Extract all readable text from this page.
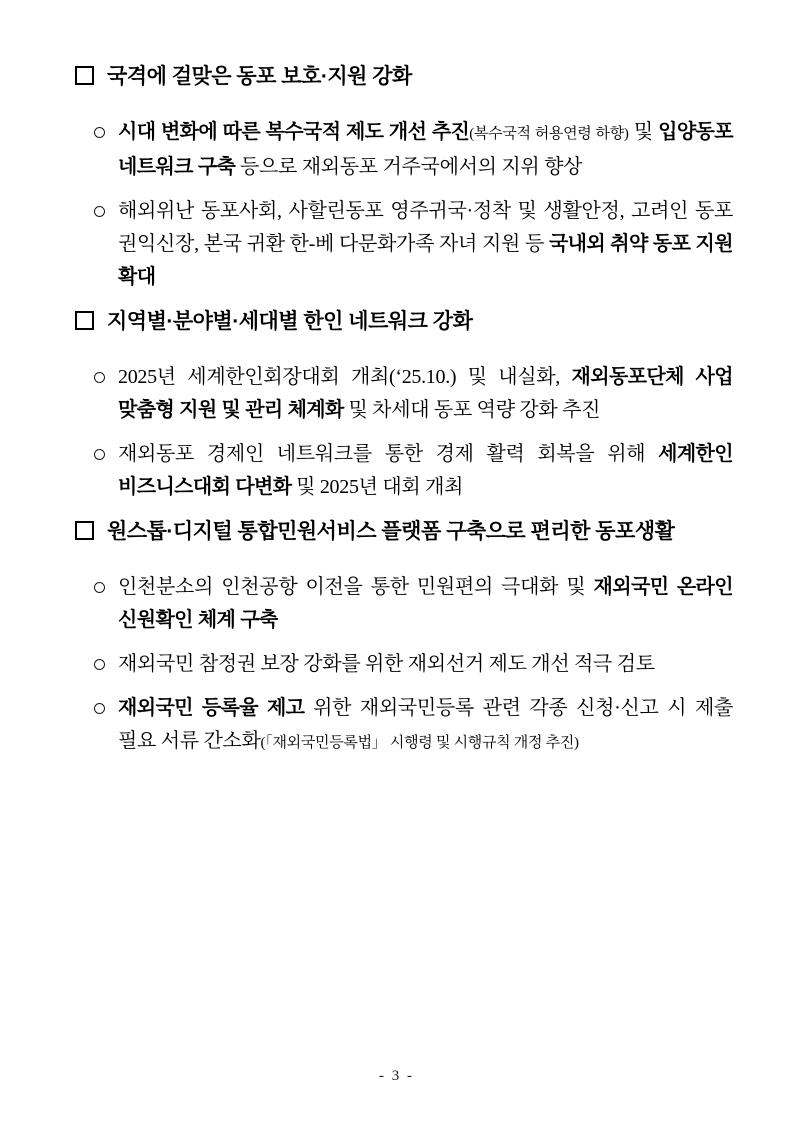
국격에 걸맞은 동포 보호·지원 강화

시대 변화에 따른 복수국적 제도 개선 추진(복수국적 허용연령 하향) 및 입양동포 네트워크 구축 등으로 재외동포 거주국에서의 지위 향상

해외위난 동포사회, 사할린동포 영주귀국·정착 및 생활안정, 고려인 동포 권익신장, 본국 귀환 한-베 다문화가족 자녀 지원 등 국내외 취약 동포 지원 확대

지역별·분야별·세대별 한인 네트워크 강화

2025년 세계한인회장대회 개최(‘25.10.) 및 내실화, 재외동포단체 사업 맞춤형 지원 및 관리 체계화 및 차세대 동포 역량 강화 추진

재외동포 경제인 네트워크를 통한 경제 활력 회복을 위해 세계한인 비즈니스대회 다변화 및 2025년 대회 개최

원스톱·디지털 통합민원서비스 플랫폼 구축으로 편리한 동포생활

인천분소의 인천공항 이전을 통한 민원편의 극대화 및 재외국민 온라인 신원확인 체계 구축

재외국민 참정권 보장 강화를 위한 재외선거 제도 개선 적극 검토

재외국민 등록율 제고 위한 재외국민등록 관련 각종 신청·신고 시 제출 필요 서류 간소화(「재외국민등록법」 시행령 및 시행규칙 개정 추진)

- 3 -
